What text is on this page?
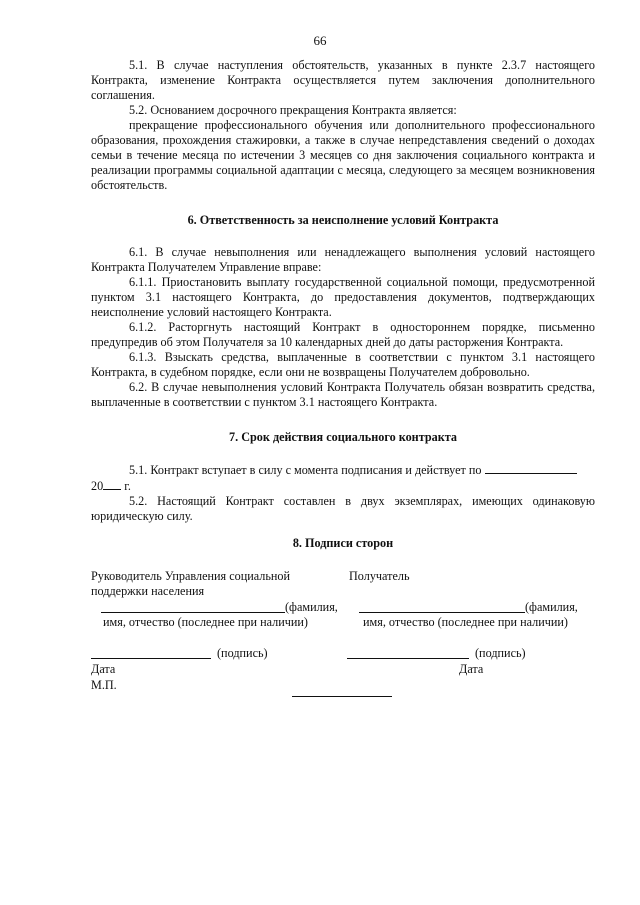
66

5.1. В случае наступления обстоятельств, указанных в пункте 2.3.7 настоящего Контракта, изменение Контракта осуществляется путем заключения дополнительного соглашения.

5.2. Основанием досрочного прекращения Контракта является:

прекращение профессионального обучения или дополнительного профессионального образования, прохождения стажировки, а также в случае непредставления сведений о доходах семьи в течение месяца по истечении 3 месяцев со дня заключения социального контракта и реализации программы социальной адаптации с месяца, следующего за месяцем возникновения обстоятельств.

6. Ответственность за неисполнение условий Контракта

6.1. В случае невыполнения или ненадлежащего выполнения условий настоящего Контракта Получателем Управление вправе:

6.1.1. Приостановить выплату государственной социальной помощи, предусмотренной пунктом 3.1 настоящего Контракта, до предоставления документов, подтверждающих неисполнение условий настоящего Контракта.

6.1.2. Расторгнуть настоящий Контракт в одностороннем порядке, письменно предупредив об этом Получателя за 10 календарных дней до даты расторжения Контракта.

6.1.3. Взыскать средства, выплаченные в соответствии с пунктом 3.1 настоящего Контракта, в судебном порядке, если они не возвращены Получателем добровольно.

6.2. В случае невыполнения условий Контракта Получатель обязан возвратить средства, выплаченные в соответствии с пунктом 3.1 настоящего Контракта.

7. Срок действия социального контракта

5.1. Контракт вступает в силу с момента подписания и действует по
20 г.

5.2. Настоящий Контракт составлен в двух экземплярах, имеющих одинаковую юридическую силу.

8. Подписи сторон

Руководитель Управления социальной
поддержки населения
Получатель
(фамилия,
имя, отчество (последнее при наличии)
(фамилия,
имя, отчество (последнее при наличии)
(подпись)	(подпись)
Дата	Дата
М.П.
